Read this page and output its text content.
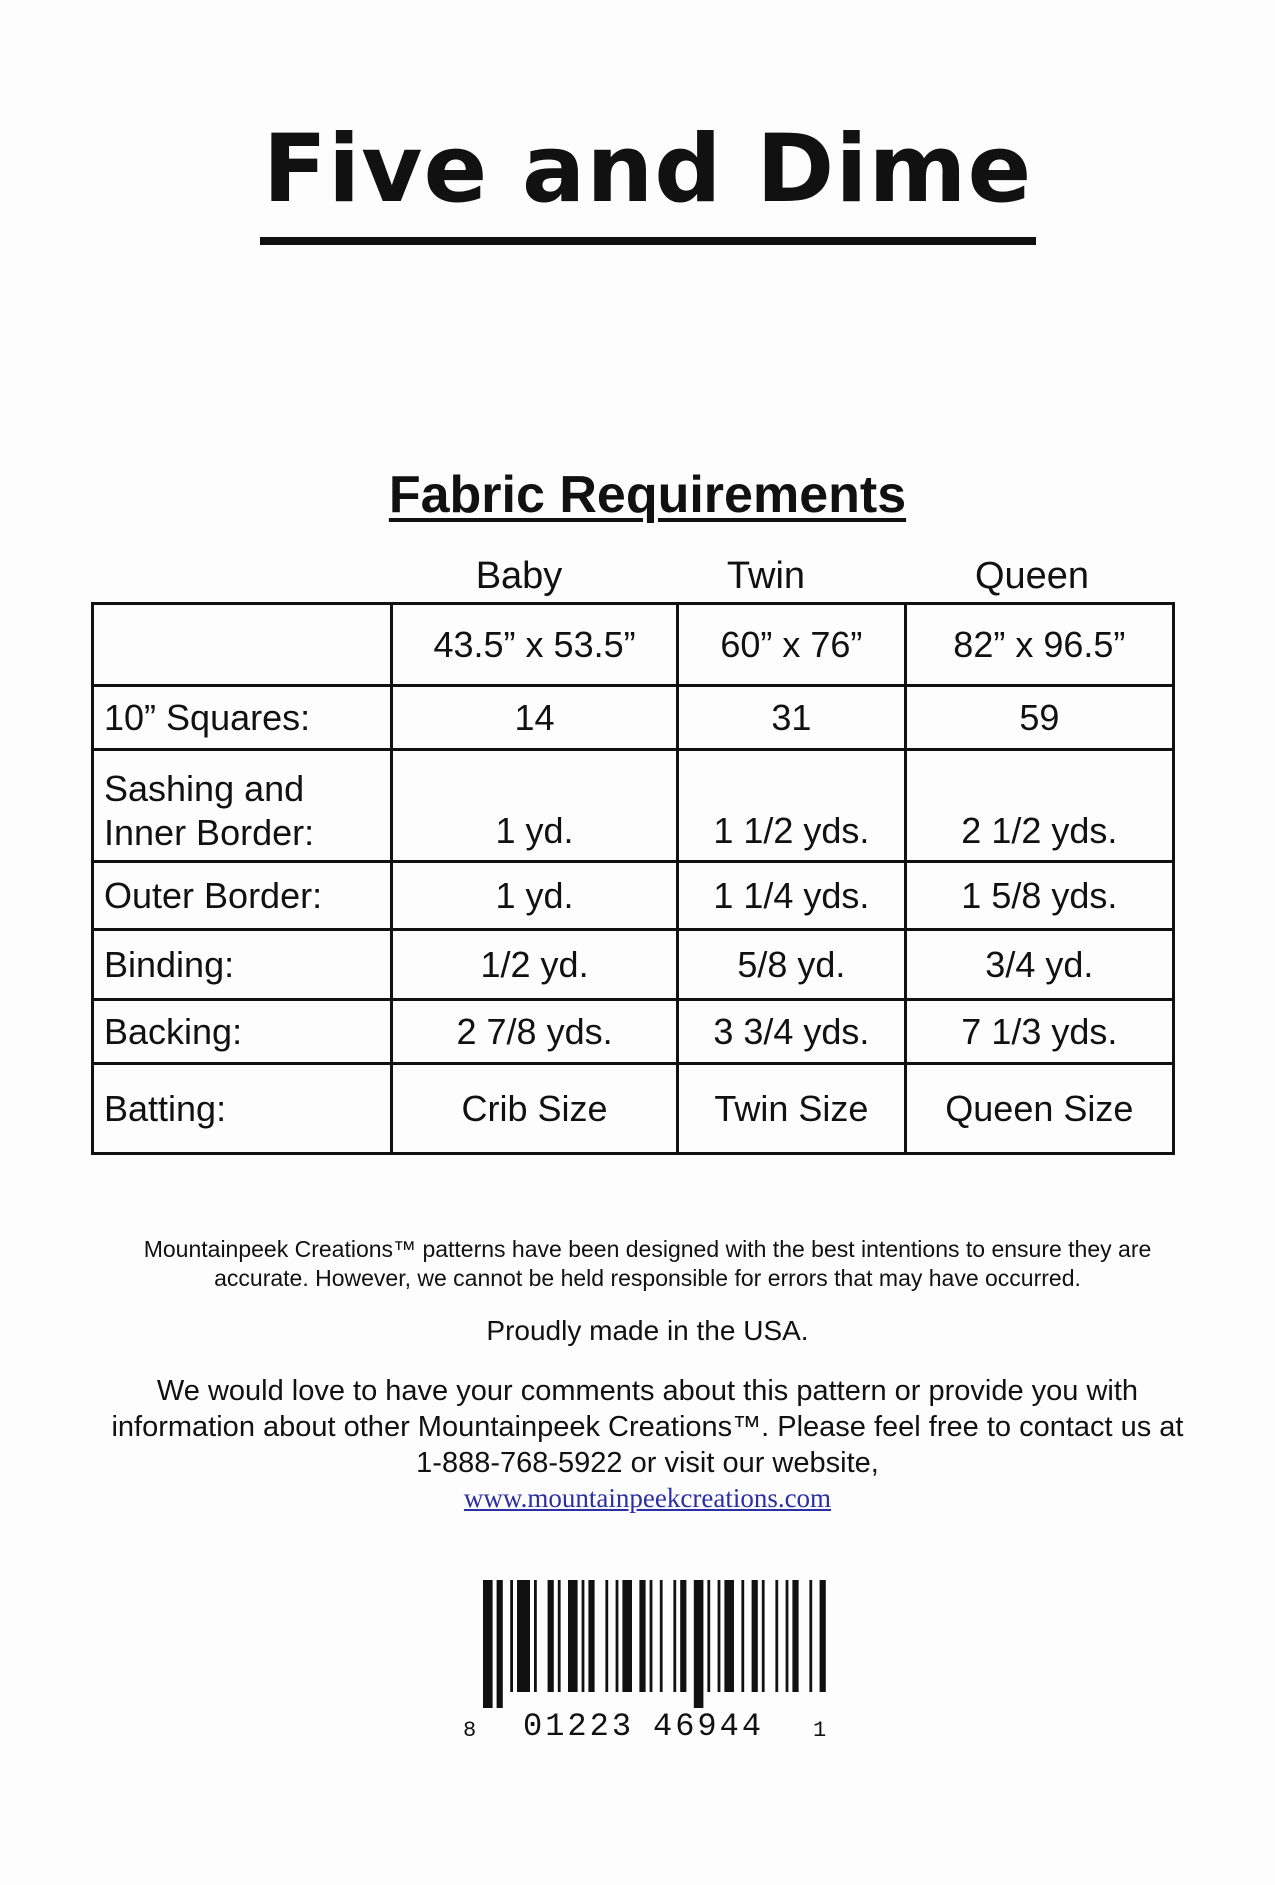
Five and Dime
Fabric Requirements
Baby	Twin	Queen
	43.5” x 53.5”	60” x 76”	82” x 96.5”
10” Squares:	14	31	59
Sashing and Inner Border:	1 yd.	1 1/2 yds.	2 1/2 yds.
Outer Border:	1 yd.	1 1/4 yds.	1 5/8 yds.
Binding:	1/2 yd.	5/8 yd.	3/4 yd.
Backing:	2 7/8 yds.	3 3/4 yds.	7 1/3 yds.
Batting:	Crib Size	Twin Size	Queen Size
Mountainpeek Creations™ patterns have been designed with the best intentions to ensure they are accurate. However, we cannot be held responsible for errors that may have occurred.
Proudly made in the USA.
We would love to have your comments about this pattern or provide you with information about other Mountainpeek Creations™. Please feel free to contact us at 1-888-768-5922 or visit our website,
www.mountainpeekcreations.com
8 01223 46944 1
